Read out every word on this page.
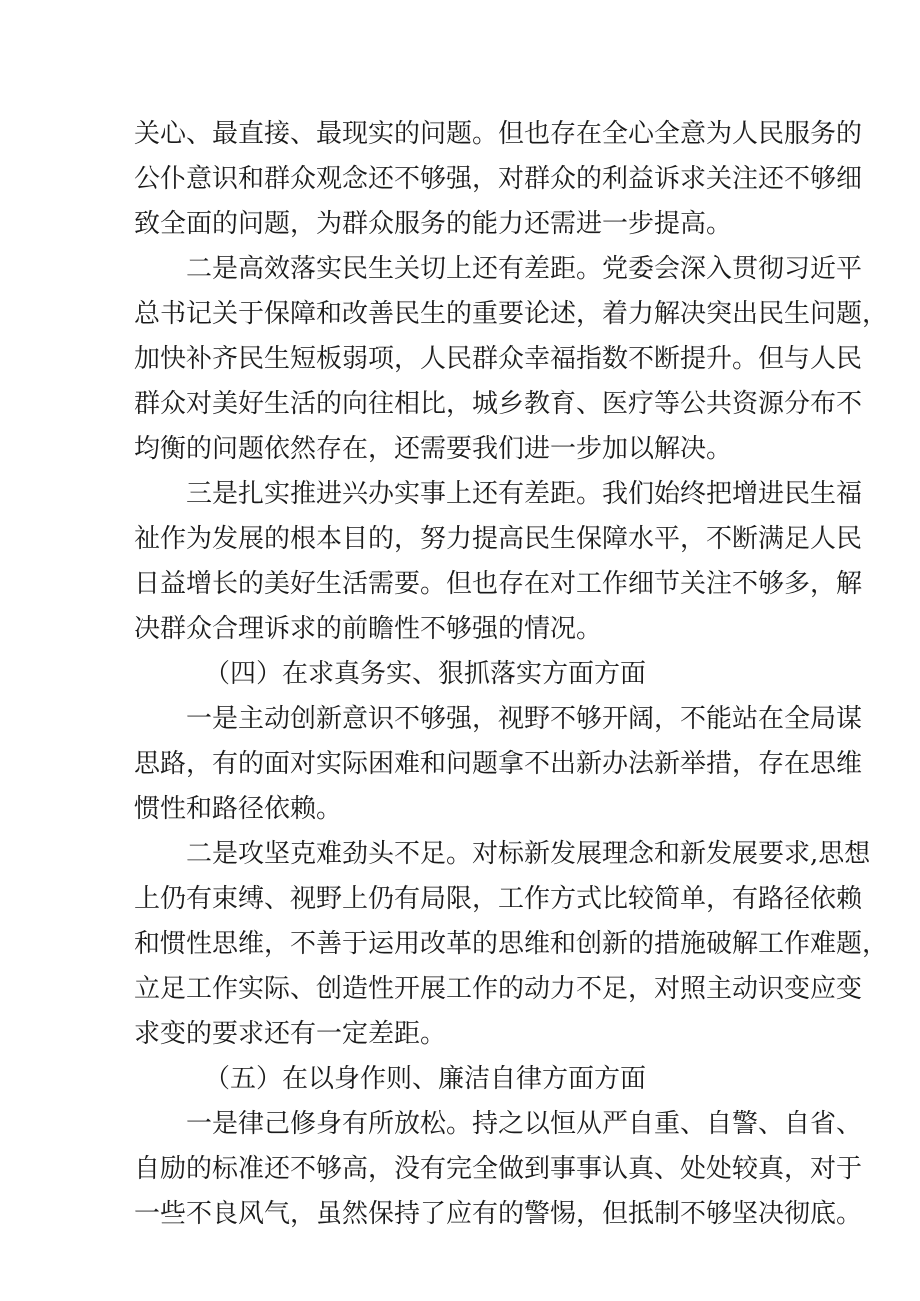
关心、最直接、最现实的问题。但也存在全心全意为人民服务的
公仆意识和群众观念还不够强，对群众的利益诉求关注还不够细
致全面的问题，为群众服务的能力还需进一步提高。
二是高效落实民生关切上还有差距。党委会深入贯彻习近平
总书记关于保障和改善民生的重要论述，着力解决突出民生问题，
加快补齐民生短板弱项，人民群众幸福指数不断提升。但与人民
群众对美好生活的向往相比，城乡教育、医疗等公共资源分布不
均衡的问题依然存在，还需要我们进一步加以解决。
三是扎实推进兴办实事上还有差距。我们始终把增进民生福
祉作为发展的根本目的，努力提高民生保障水平，不断满足人民
日益增长的美好生活需要。但也存在对工作细节关注不够多，解
决群众合理诉求的前瞻性不够强的情况。
（四）在求真务实、狠抓落实方面方面
一是主动创新意识不够强，视野不够开阔，不能站在全局谋
思路，有的面对实际困难和问题拿不出新办法新举措，存在思维
惯性和路径依赖。
二是攻坚克难劲头不足。对标新发展理念和新发展要求,思想
上仍有束缚、视野上仍有局限，工作方式比较简单，有路径依赖
和惯性思维，不善于运用改革的思维和创新的措施破解工作难题，
立足工作实际、创造性开展工作的动力不足，对照主动识变应变
求变的要求还有一定差距。
（五）在以身作则、廉洁自律方面方面
一是律己修身有所放松。持之以恒从严自重、自警、自省、
自励的标准还不够高，没有完全做到事事认真、处处较真，对于
一些不良风气，虽然保持了应有的警惕，但抵制不够坚决彻底。
